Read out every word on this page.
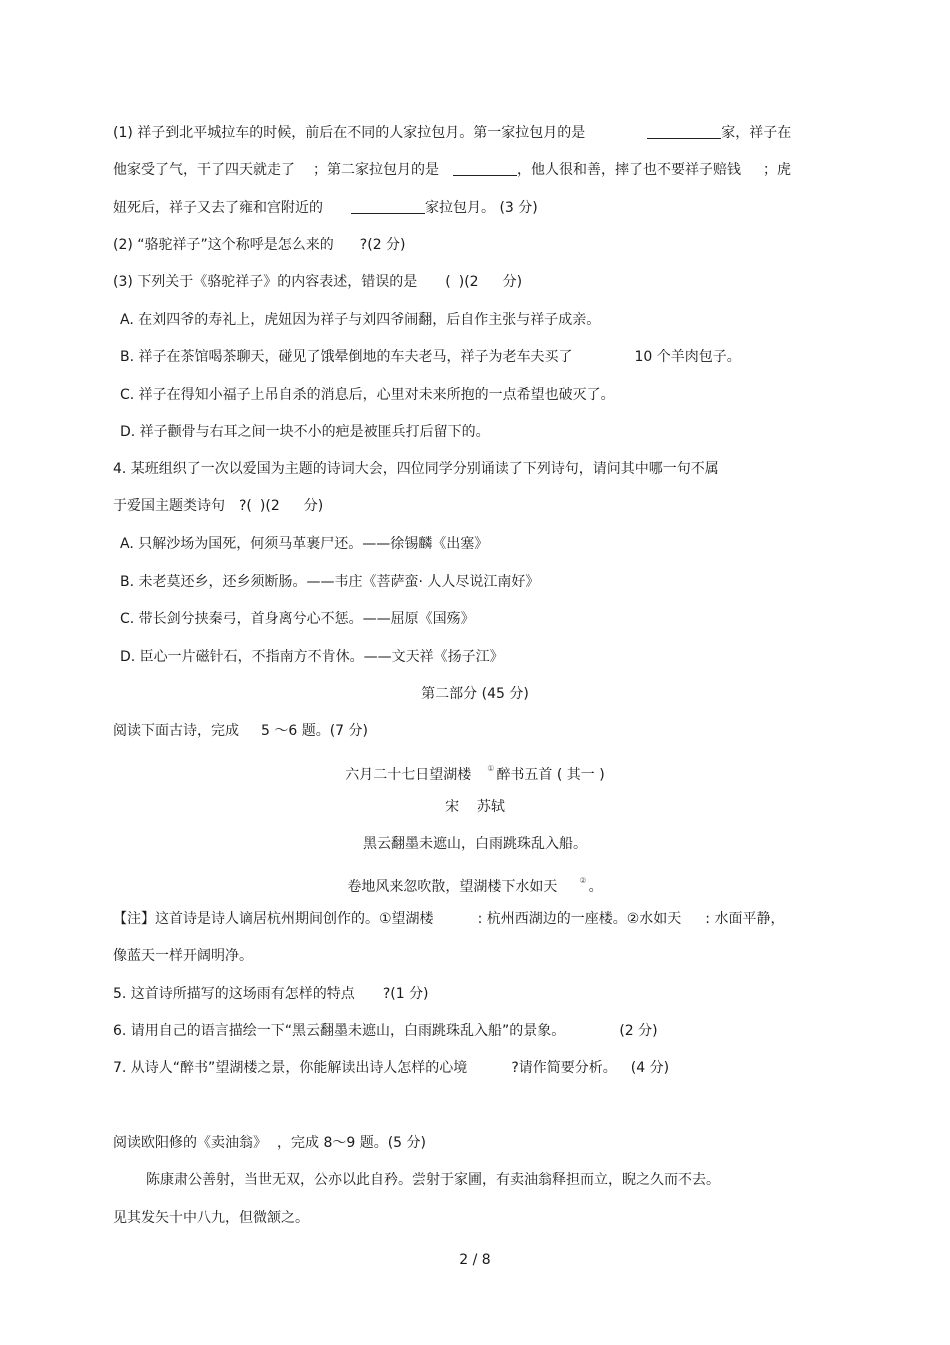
(1) 祥子到北平城拉车的时候，前后在不同的人家拉包月。第一家拉包月的是	家，祥子在
他家受了气，干了四天就走了 ；第二家拉包月的是	，他人很和善，摔了也不要祥子赔钱 ；虎
妞死后，祥子又去了雍和宫附近的	家拉包月。 (3 分)
(2) “骆驼祥子”这个称呼是怎么来的 ?(2 分)
(3) 下列关于《骆驼祥子》的内容表述，错误的是 ( )(2 分)
A. 在刘四爷的寿礼上，虎妞因为祥子与刘四爷闹翻，后自作主张与祥子成亲。
B. 祥子在茶馆喝茶聊天，碰见了饿晕倒地的车夫老马，祥子为老车夫买了	10 个羊肉包子。
C. 祥子在得知小福子上吊自杀的消息后，心里对未来所抱的一点希望也破灭了。
D. 祥子颧骨与右耳之间一块不小的疤是被匪兵打后留下的。
4. 某班组织了一次以爱国为主题的诗词大会，四位同学分别诵读了下列诗句，请问其中哪一句不属
于爱国主题类诗句 ?( )(2 分)
A. 只解沙场为国死，何须马革裹尸还。——徐锡麟《出塞》
B. 未老莫还乡，还乡须断肠。——韦庄《菩萨蛮· 人人尽说江南好》
C. 带长剑兮挟秦弓，首身离兮心不惩。——屈原《国殇》
D. 臣心一片磁针石，不指南方不肯休。——文天祥《扬子江》
第二部分 (45 分)
阅读下面古诗，完成 5 ～6 题。(7 分)
六月二十七日望湖楼 ① 醉书五首 ( 其一 )
宋    苏轼
黑云翻墨未遮山，白雨跳珠乱入船。
卷地风来忽吹散，望湖楼下水如天	② 。
【注】这首诗是诗人谪居杭州期间创作的。①望湖楼	: 杭州西湖边的一座楼。②水如天 : 水面平静，
像蓝天一样开阔明净。
5. 这首诗所描写的这场雨有怎样的特点 ?(1 分)
6. 请用自己的语言描绘一下“黑云翻墨未遮山，白雨跳珠乱入船”的景象。	(2 分)
7. 从诗人“醉书”望湖楼之景，你能解读出诗人怎样的心境	?请作简要分析。 (4 分)
阅读欧阳修的《卖油翁》 ，完成 8～9 题。(5 分)
陈康肃公善射，当世无双，公亦以此自矜。尝射于家圃，有卖油翁释担而立，睨之久而不去。
见其发矢十中八九，但微颔之。
2 / 8
